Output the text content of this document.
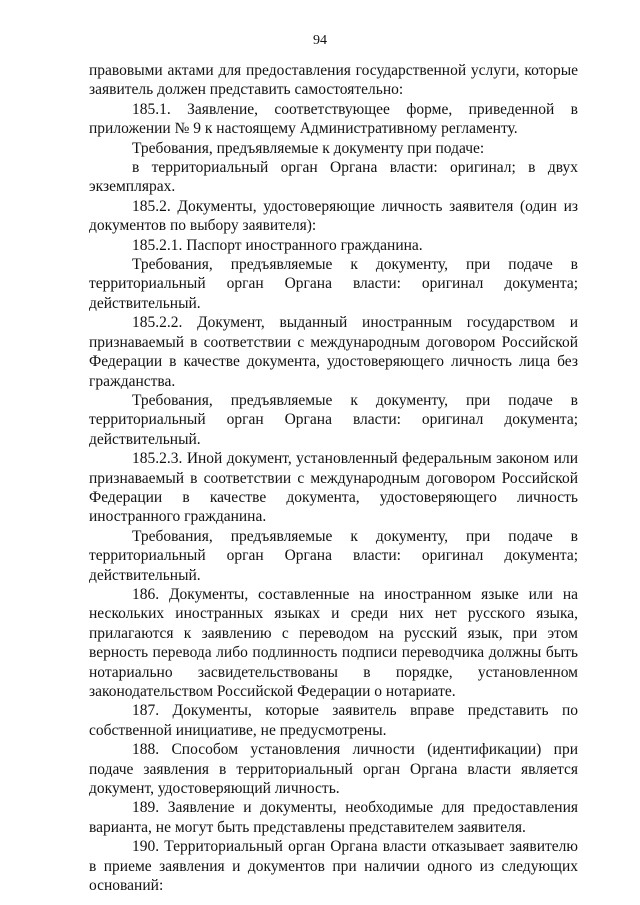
94

правовыми актами для предоставления государственной услуги, которые заявитель должен представить самостоятельно:

185.1. Заявление, соответствующее форме, приведенной в приложении № 9 к настоящему Административному регламенту.

Требования, предъявляемые к документу при подаче:

в территориальный орган Органа власти: оригинал; в двух экземплярах.

185.2. Документы, удостоверяющие личность заявителя (один из документов по выбору заявителя):

185.2.1. Паспорт иностранного гражданина.

Требования, предъявляемые к документу, при подаче в территориальный орган Органа власти: оригинал документа; действительный.

185.2.2. Документ, выданный иностранным государством и признаваемый в соответствии с международным договором Российской Федерации в качестве документа, удостоверяющего личность лица без гражданства.

Требования, предъявляемые к документу, при подаче в территориальный орган Органа власти: оригинал документа; действительный.

185.2.3. Иной документ, установленный федеральным законом или признаваемый в соответствии с международным договором Российской Федерации в качестве документа, удостоверяющего личность иностранного гражданина.

Требования, предъявляемые к документу, при подаче в территориальный орган Органа власти: оригинал документа; действительный.

186. Документы, составленные на иностранном языке или на нескольких иностранных языках и среди них нет русского языка, прилагаются к заявлению с переводом на русский язык, при этом верность перевода либо подлинность подписи переводчика должны быть нотариально засвидетельствованы в порядке, установленном законодательством Российской Федерации о нотариате.

187. Документы, которые заявитель вправе представить по собственной инициативе, не предусмотрены.

188. Способом установления личности (идентификации) при подаче заявления в территориальный орган Органа власти является документ, удостоверяющий личность.

189. Заявление и документы, необходимые для предоставления варианта, не могут быть представлены представителем заявителя.

190. Территориальный орган Органа власти отказывает заявителю в приеме заявления и документов при наличии одного из следующих оснований:
